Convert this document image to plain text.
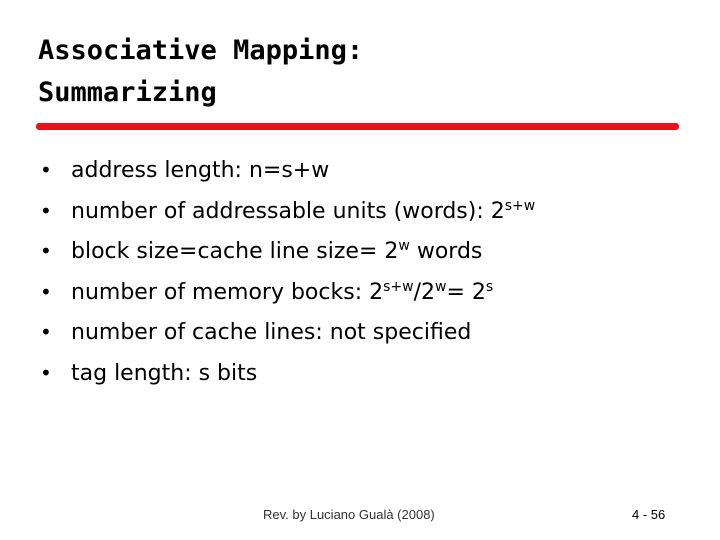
Associative Mapping:
Summarizing
• address length: n=s+w
• number of addressable units (words): $2^{s+w}$
• block size=cache line size= $2^w$ words
• number of memory bocks: $2^{s+w}/2^w= 2^s$
• number of cache lines: not specified
• tag length: s bits
Rev. by Luciano Gualà (2008)	4 - 56
